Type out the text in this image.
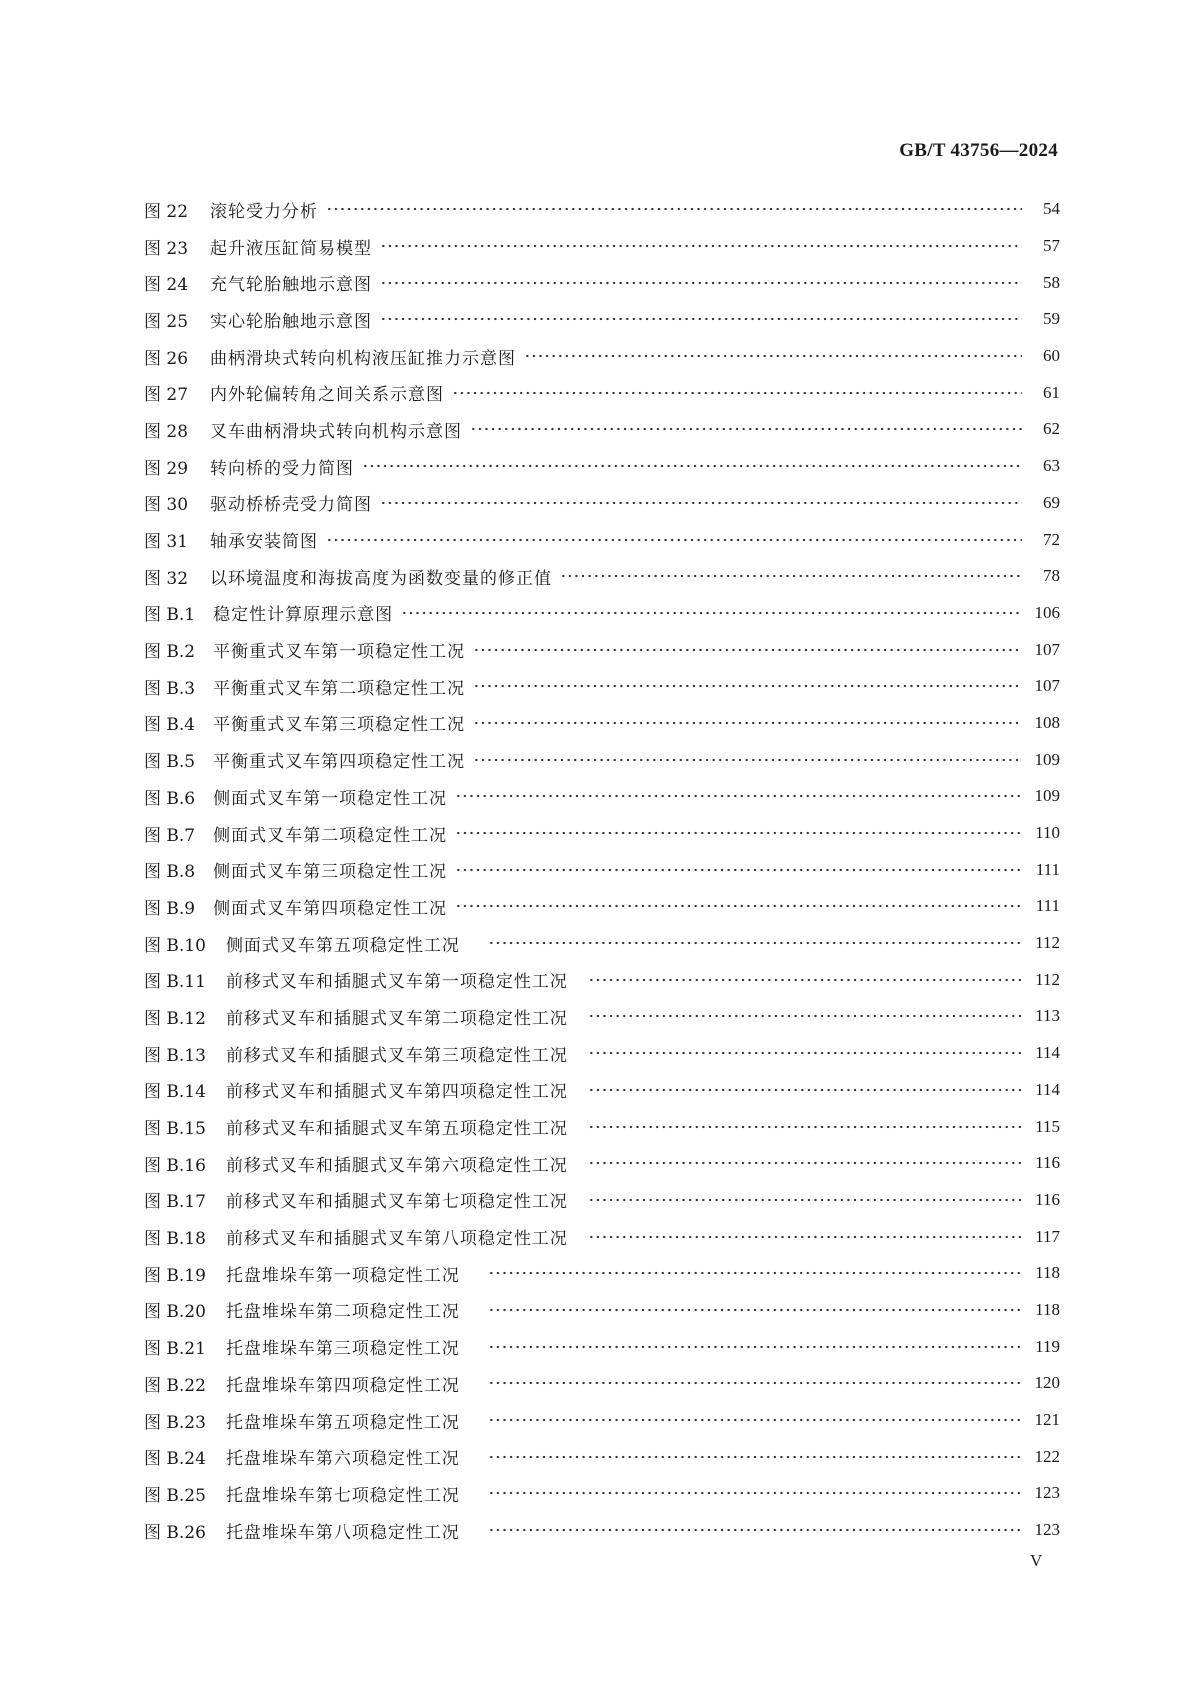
GB/T 43756—2024
图 22 滚轮受力分析	54
图 23 起升液压缸简易模型	57
图 24 充气轮胎触地示意图	58
图 25 实心轮胎触地示意图	59
图 26 曲柄滑块式转向机构液压缸推力示意图	60
图 27 内外轮偏转角之间关系示意图	61
图 28 叉车曲柄滑块式转向机构示意图	62
图 29 转向桥的受力简图	63
图 30 驱动桥桥壳受力简图	69
图 31 轴承安装简图	72
图 32 以环境温度和海拔高度为函数变量的修正值	78
图 B.1 稳定性计算原理示意图	106
图 B.2 平衡重式叉车第一项稳定性工况	107
图 B.3 平衡重式叉车第二项稳定性工况	107
图 B.4 平衡重式叉车第三项稳定性工况	108
图 B.5 平衡重式叉车第四项稳定性工况	109
图 B.6 侧面式叉车第一项稳定性工况	109
图 B.7 侧面式叉车第二项稳定性工况	110
图 B.8 侧面式叉车第三项稳定性工况	111
图 B.9 侧面式叉车第四项稳定性工况	111
图 B.10 侧面式叉车第五项稳定性工况	112
图 B.11 前移式叉车和插腿式叉车第一项稳定性工况	112
图 B.12 前移式叉车和插腿式叉车第二项稳定性工况	113
图 B.13 前移式叉车和插腿式叉车第三项稳定性工况	114
图 B.14 前移式叉车和插腿式叉车第四项稳定性工况	114
图 B.15 前移式叉车和插腿式叉车第五项稳定性工况	115
图 B.16 前移式叉车和插腿式叉车第六项稳定性工况	116
图 B.17 前移式叉车和插腿式叉车第七项稳定性工况	116
图 B.18 前移式叉车和插腿式叉车第八项稳定性工况	117
图 B.19 托盘堆垛车第一项稳定性工况	118
图 B.20 托盘堆垛车第二项稳定性工况	118
图 B.21 托盘堆垛车第三项稳定性工况	119
图 B.22 托盘堆垛车第四项稳定性工况	120
图 B.23 托盘堆垛车第五项稳定性工况	121
图 B.24 托盘堆垛车第六项稳定性工况	122
图 B.25 托盘堆垛车第七项稳定性工况	123
图 B.26 托盘堆垛车第八项稳定性工况	123
V
